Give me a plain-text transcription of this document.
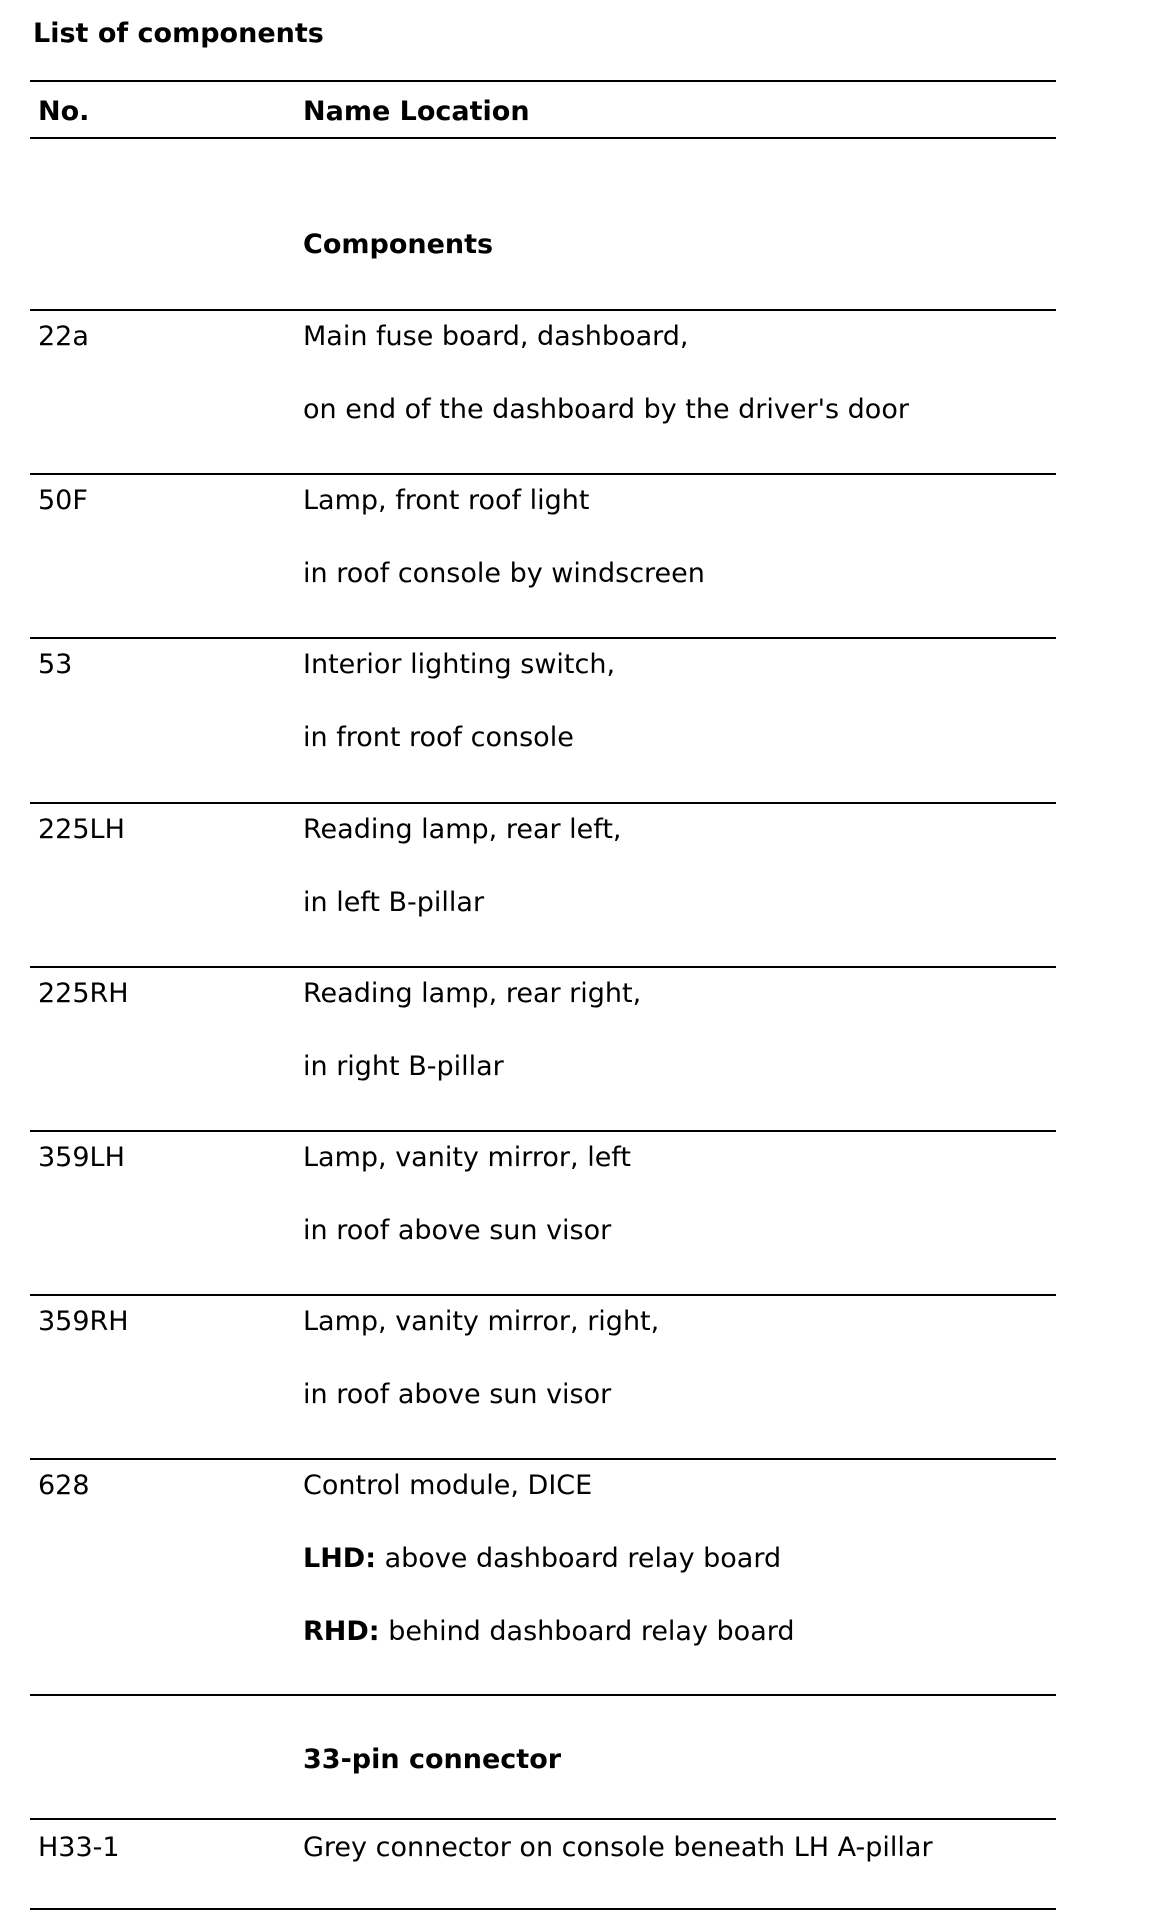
List of components
No.	Name Location
Components
22a	Main fuse board, dashboard,
on end of the dashboard by the driver's door
50F	Lamp, front roof light
in roof console by windscreen
53	Interior lighting switch,
in front roof console
225LH	Reading lamp, rear left,
in left B-pillar
225RH	Reading lamp, rear right,
in right B-pillar
359LH	Lamp, vanity mirror, left
in roof above sun visor
359RH	Lamp, vanity mirror, right,
in roof above sun visor
628	Control module, DICE
LHD: above dashboard relay board
RHD: behind dashboard relay board
33-pin connector
H33-1	Grey connector on console beneath LH A-pillar
